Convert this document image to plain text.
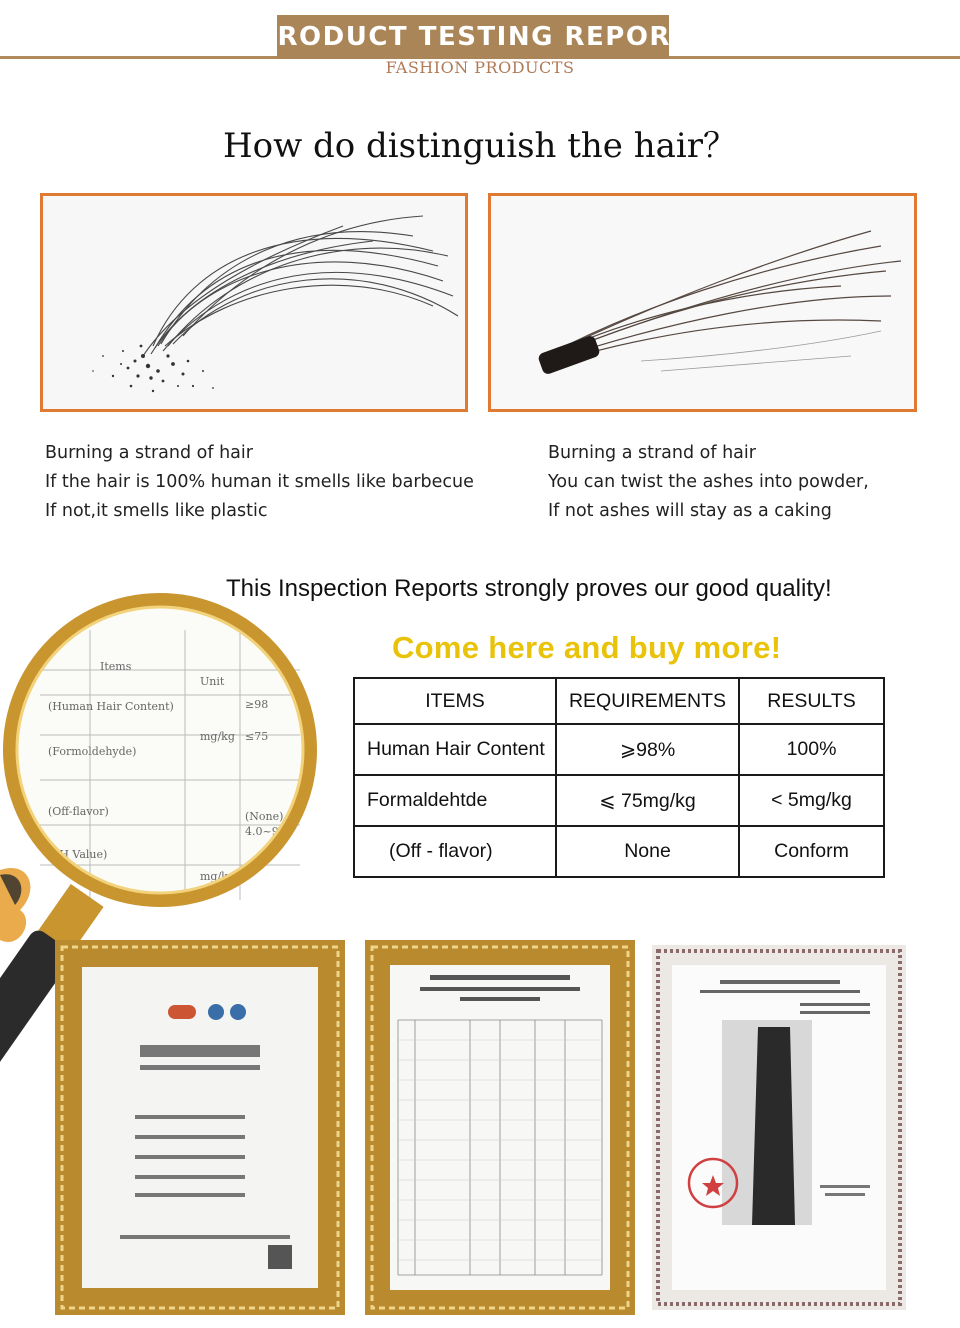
PRODUCT TESTING REPORT
FASHION PRODUCTS
How do distinguish the hair？
Burning a strand of hair
If the hair is 100% human it smells like barbecue
If not,it smells like plastic
Burning a strand of hair
You can twist the ashes into powder,
If not ashes will stay as a caking
Items
Unit
(Human Hair Content)	≥98
(Formoldehyde)
mg/kg ≤75
(Off-flavor)	(None)
(pH Value)
4.0~9.0
mg/kg
This Inspection Reports strongly proves our good quality!
Come here and buy more!
ITEMS	REQUIREMENTS	RESULTS
Human Hair Content	⩾98%	100%
Formaldehtde	⩽ 75mg/kg	< 5mg/kg
(Off - flavor)	None	Conform
